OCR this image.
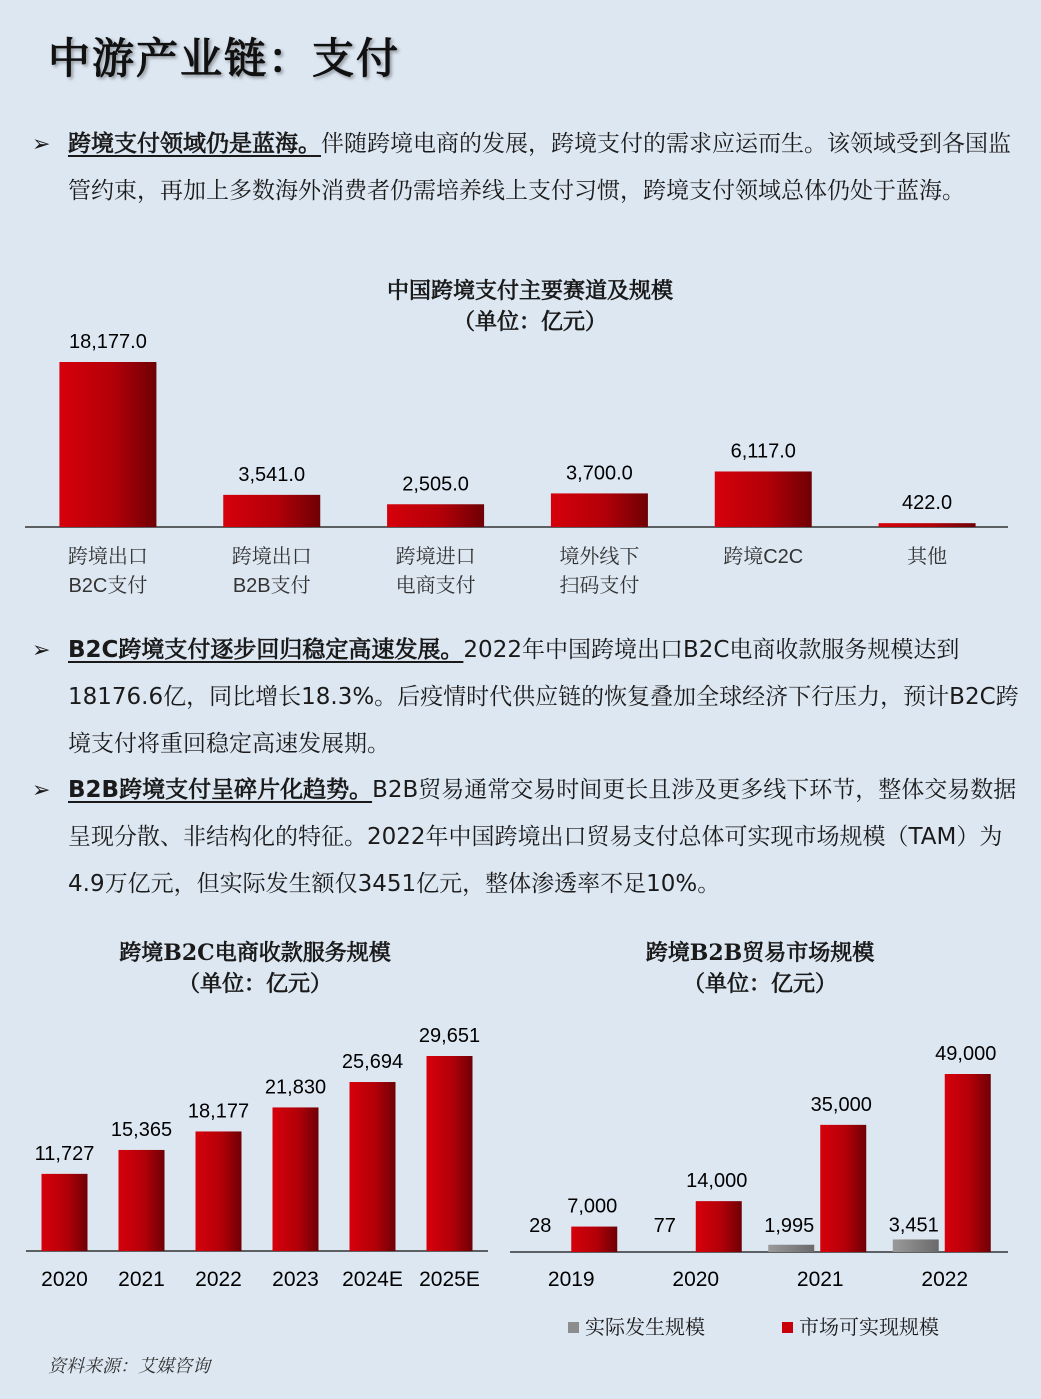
中游产业链：支付
➢ 跨境支付领域仍是蓝海。伴随跨境电商的发展，跨境支付的需求应运而生。该领域受到各国监管约束，再加上多数海外消费者仍需培养线上支付习惯，跨境支付领域总体仍处于蓝海。
中国跨境支付主要赛道及规模
（单位：亿元）
18,177.0
跨境出口
B2C支付
3,541.0
跨境出口
B2B支付
2,505.0
跨境进口
电商支付
3,700.0
境外线下
扫码支付
6,117.0
跨境C2C
422.0
其他
11,727
2020
15,365
2021
18,177
2022
21,830
2023
25,694
2024E
29,651
2025E
28
7,000
2019
77
14,000
2020
1,995
35,000
2021
3,451
49,000
2022
➢ B2C跨境支付逐步回归稳定高速发展。2022年中国跨境出口B2C电商收款服务规模达到18176.6亿，同比增长18.3%。后疫情时代供应链的恢复叠加全球经济下行压力，预计B2C跨境支付将重回稳定高速发展期。
➢ B2B跨境支付呈碎片化趋势。B2B贸易通常交易时间更长且涉及更多线下环节，整体交易数据呈现分散、非结构化的特征。2022年中国跨境出口贸易支付总体可实现市场规模（TAM）为4.9万亿元，但实际发生额仅3451亿元，整体渗透率不足10%。
跨境B2C电商收款服务规模
（单位：亿元）
跨境B2B贸易市场规模
（单位：亿元）
实际发生规模	市场可实现规模
资料来源：艾媒咨询
